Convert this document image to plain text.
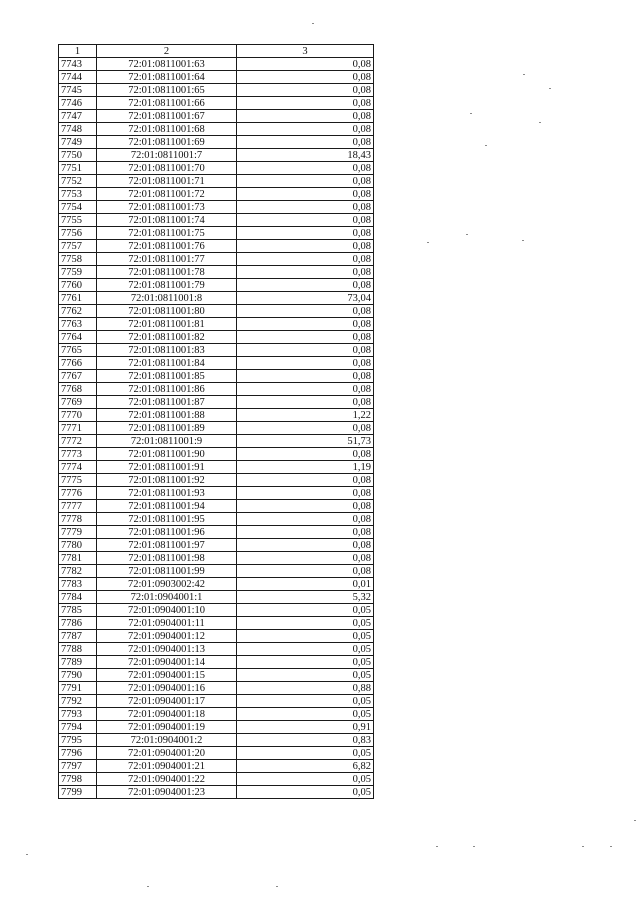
1	2	3
7743	72:01:0811001:63	0,08
7744	72:01:0811001:64	0,08
7745	72:01:0811001:65	0,08
7746	72:01:0811001:66	0,08
7747	72:01:0811001:67	0,08
7748	72:01:0811001:68	0,08
7749	72:01:0811001:69	0,08
7750	72:01:0811001:7	18,43
7751	72:01:0811001:70	0,08
7752	72:01:0811001:71	0,08
7753	72:01:0811001:72	0,08
7754	72:01:0811001:73	0,08
7755	72:01:0811001:74	0,08
7756	72:01:0811001:75	0,08
7757	72:01:0811001:76	0,08
7758	72:01:0811001:77	0,08
7759	72:01:0811001:78	0,08
7760	72:01:0811001:79	0,08
7761	72:01:0811001:8	73,04
7762	72:01:0811001:80	0,08
7763	72:01:0811001:81	0,08
7764	72:01:0811001:82	0,08
7765	72:01:0811001:83	0,08
7766	72:01:0811001:84	0,08
7767	72:01:0811001:85	0,08
7768	72:01:0811001:86	0,08
7769	72:01:0811001:87	0,08
7770	72:01:0811001:88	1,22
7771	72:01:0811001:89	0,08
7772	72:01:0811001:9	51,73
7773	72:01:0811001:90	0,08
7774	72:01:0811001:91	1,19
7775	72:01:0811001:92	0,08
7776	72:01:0811001:93	0,08
7777	72:01:0811001:94	0,08
7778	72:01:0811001:95	0,08
7779	72:01:0811001:96	0,08
7780	72:01:0811001:97	0,08
7781	72:01:0811001:98	0,08
7782	72:01:0811001:99	0,08
7783	72:01:0903002:42	0,01
7784	72:01:0904001:1	5,32
7785	72:01:0904001:10	0,05
7786	72:01:0904001:11	0,05
7787	72:01:0904001:12	0,05
7788	72:01:0904001:13	0,05
7789	72:01:0904001:14	0,05
7790	72:01:0904001:15	0,05
7791	72:01:0904001:16	0,88
7792	72:01:0904001:17	0,05
7793	72:01:0904001:18	0,05
7794	72:01:0904001:19	0,91
7795	72:01:0904001:2	0,83
7796	72:01:0904001:20	0,05
7797	72:01:0904001:21	6,82
7798	72:01:0904001:22	0,05
7799	72:01:0904001:23	0,05
